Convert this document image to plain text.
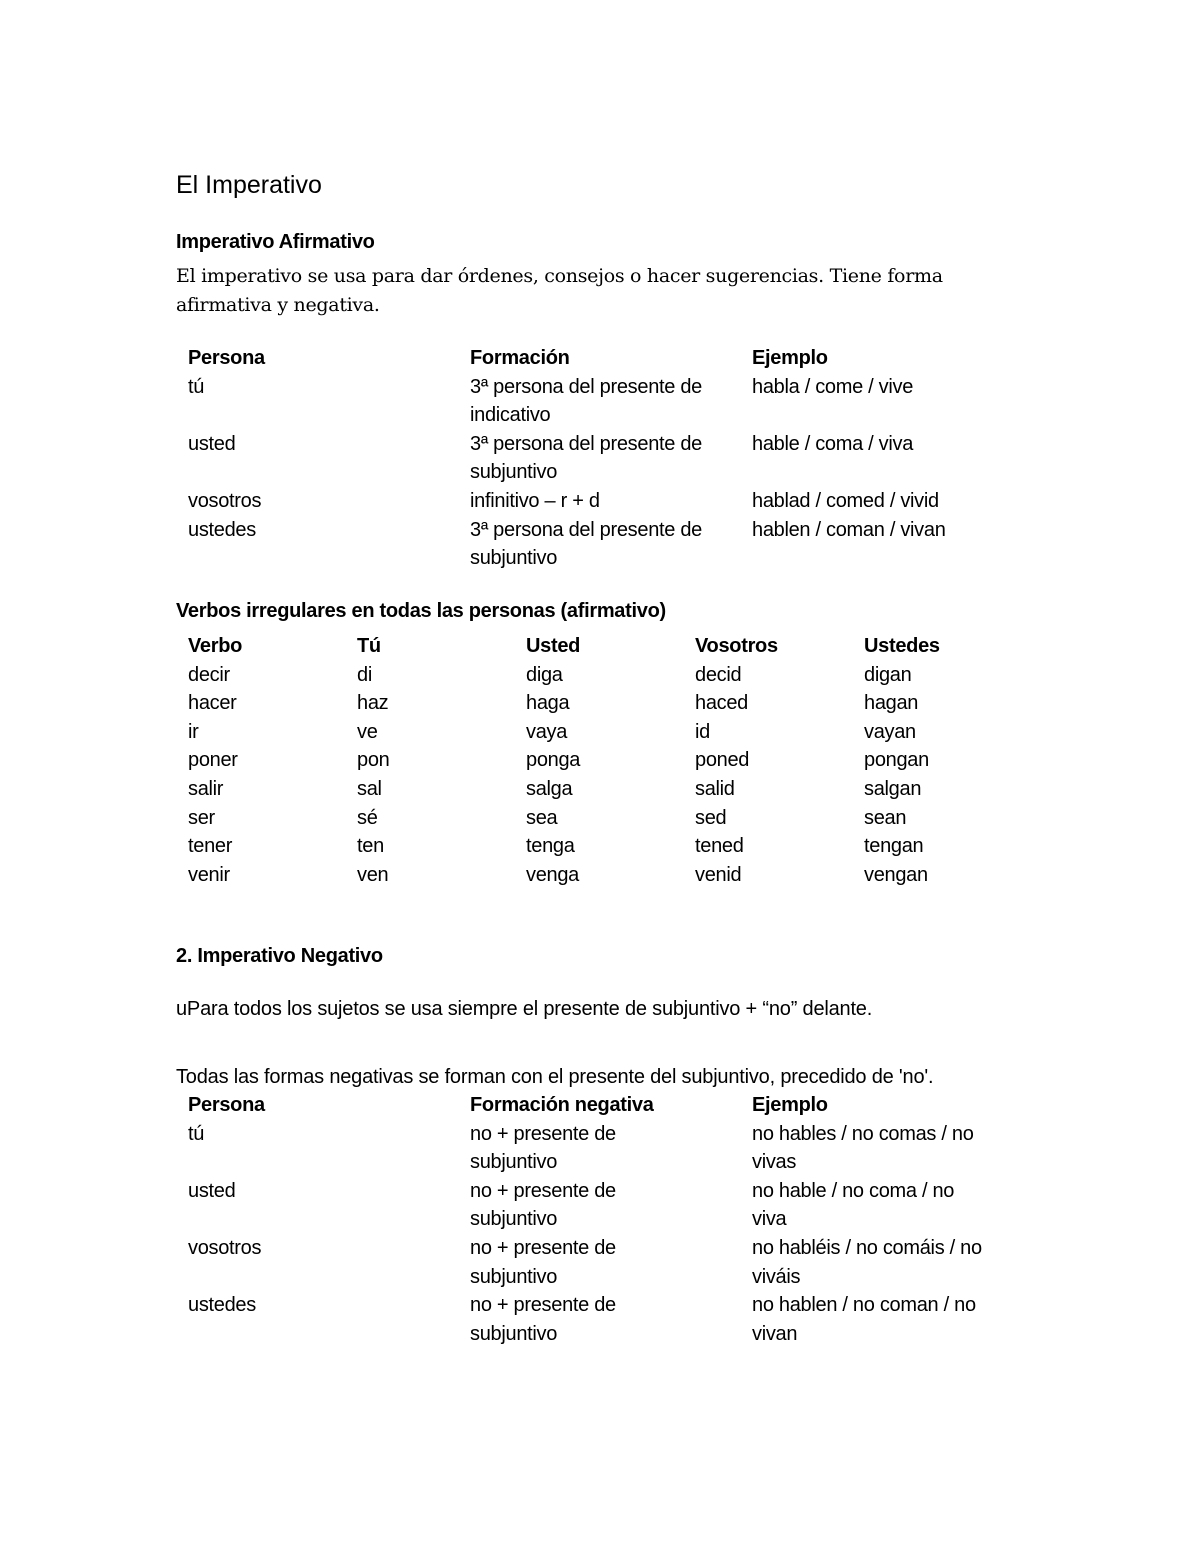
El Imperativo
Imperativo Afirmativo

El imperativo se usa para dar órdenes, consejos o hacer sugerencias. Tiene forma afirmativa y negativa.

Persona	Formación	Ejemplo
tú	3ª persona del presente de indicativo	habla / come / vive
usted	3ª persona del presente de subjuntivo	hable / coma / viva
vosotros	infinitivo – r + d	hablad / comed / vivid
ustedes	3ª persona del presente de subjuntivo	hablen / coman / vivan
Verbos irregulares en todas las personas (afirmativo)
Verbo	Tú	Usted	Vosotros	Ustedes
decir	di	diga	decid	digan
hacer	haz	haga	haced	hagan
ir	ve	vaya	id	vayan
poner	pon	ponga	poned	pongan
salir	sal	salga	salid	salgan
ser	sé	sea	sed	sean
tener	ten	tenga	tened	tengan
venir	ven	venga	venid	vengan
2. Imperativo Negativo

uPara todos los sujetos se usa siempre el presente de subjuntivo + “no” delante.

Todas las formas negativas se forman con el presente del subjuntivo, precedido de 'no'.

Persona	Formación negativa	Ejemplo
tú	no + presente de subjuntivo	no hables / no comas / no vivas
usted	no + presente de subjuntivo	no hable / no coma / no viva
vosotros	no + presente de subjuntivo	no habléis / no comáis / no viváis
ustedes	no + presente de subjuntivo	no hablen / no coman / no vivan
